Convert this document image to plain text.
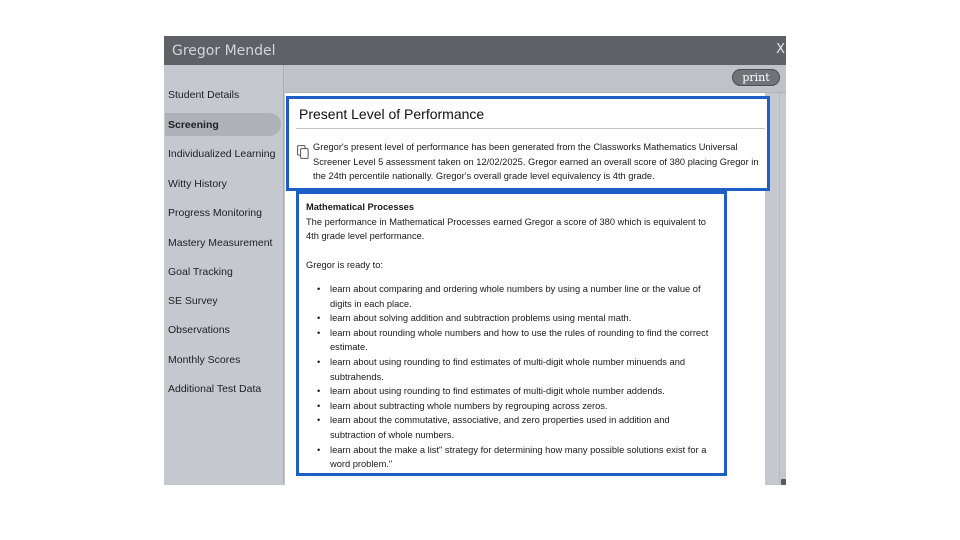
Gregor Mendel	X
Student Details
Screening
Individualized Learning
Witty History
Progress Monitoring
Mastery Measurement
Goal Tracking
SE Survey
Observations
Monthly Scores
Additional Test Data
print
Present Level of Performance
Gregor's present level of performance has been generated from the Classworks Mathematics Universal Screener Level 5 assessment taken on 12/02/2025. Gregor earned an overall score of 380 placing Gregor in the 24th percentile nationally. Gregor's overall grade level equivalency is 4th grade.
Mathematical Processes
The performance in Mathematical Processes earned Gregor a score of 380 which is equivalent to 4th grade level performance.
Gregor is ready to:
• learn about comparing and ordering whole numbers by using a number line or the value of digits in each place.
• learn about solving addition and subtraction problems using mental math.
• learn about rounding whole numbers and how to use the rules of rounding to find the correct estimate.
• learn about using rounding to find estimates of multi-digit whole number minuends and subtrahends.
• learn about using rounding to find estimates of multi-digit whole number addends.
• learn about subtracting whole numbers by regrouping across zeros.
• learn about the commutative, associative, and zero properties used in addition and subtraction of whole numbers.
• learn about the make a list" strategy for determining how many possible solutions exist for a word problem."
